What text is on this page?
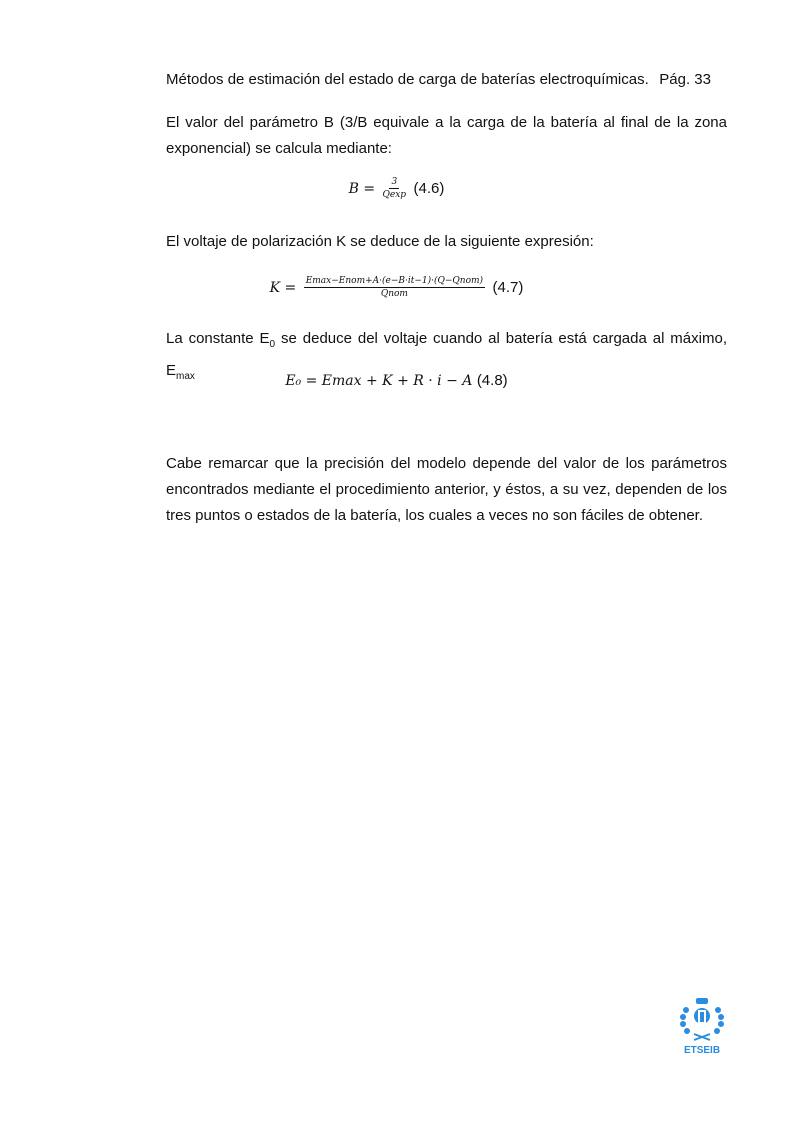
Métodos de estimación del estado de carga de baterías electroquímicas. Pág. 33
El valor del parámetro B (3/B equivale a la carga de la batería al final de la zona exponencial) se calcula mediante:
$B = \frac{3}{Qexp} (4.6)$
El voltaje de polarización K se deduce de la siguiente expresión:
$K = \frac{\text{Emax−Enom+A·(e−B·it−1)·(Q−Qnom)}}{\text{Qnom}} (4.7)$
La constante $E_0$ se deduce del voltaje cuando al batería está cargada al máximo, $E_{max}$	E₀ = Emax + K + R · i − A (4.8)
Cabe remarcar que la precisión del modelo depende del valor de los parámetros encontrados mediante el procedimiento anterior, y éstos, a su vez, dependen de los tres puntos o estados de la batería, los cuales a veces no son fáciles de obtener.
ETSEIB
